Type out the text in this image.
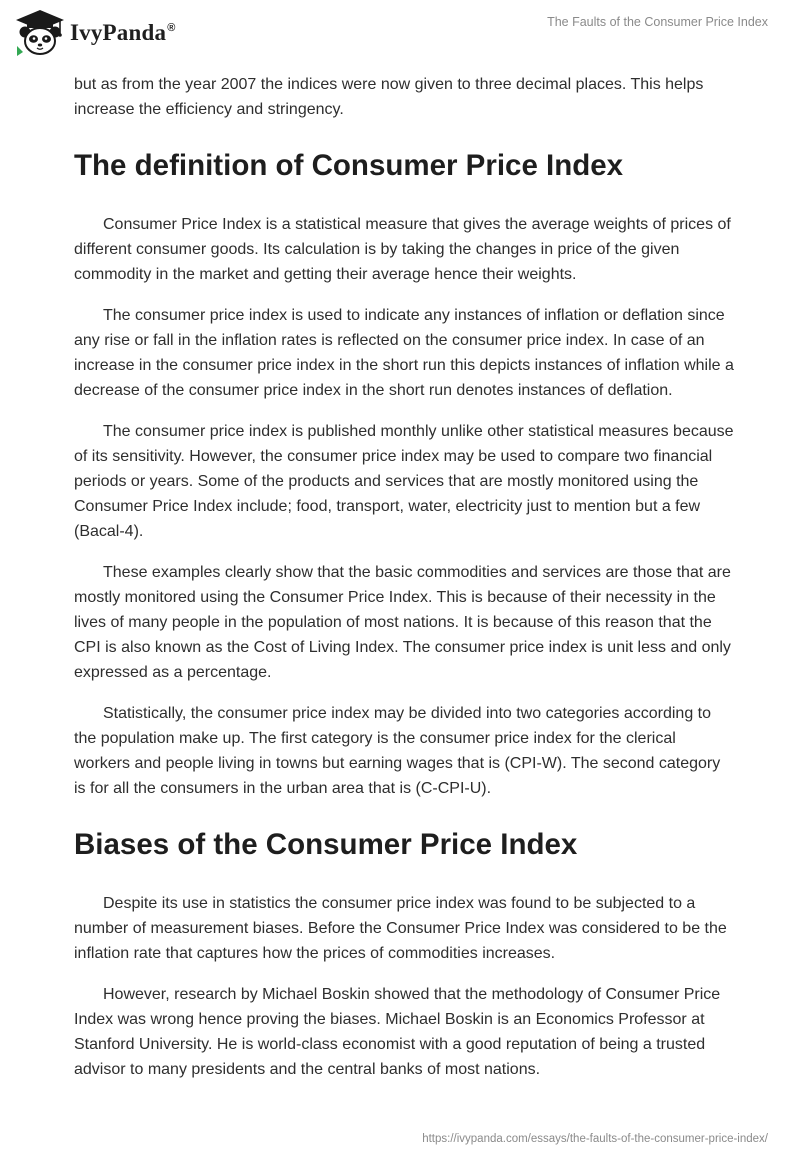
IvyPanda®	The Faults of the Consumer Price Index

but as from the year 2007 the indices were now given to three decimal places. This helps increase the efficiency and stringency.

The definition of Consumer Price Index

Consumer Price Index is a statistical measure that gives the average weights of prices of different consumer goods. Its calculation is by taking the changes in price of the given commodity in the market and getting their average hence their weights.

The consumer price index is used to indicate any instances of inflation or deflation since any rise or fall in the inflation rates is reflected on the consumer price index. In case of an increase in the consumer price index in the short run this depicts instances of inflation while a decrease of the consumer price index in the short run denotes instances of deflation.

The consumer price index is published monthly unlike other statistical measures because of its sensitivity. However, the consumer price index may be used to compare two financial periods or years. Some of the products and services that are mostly monitored using the Consumer Price Index include; food, transport, water, electricity just to mention but a few (Bacal-4).

These examples clearly show that the basic commodities and services are those that are mostly monitored using the Consumer Price Index. This is because of their necessity in the lives of many people in the population of most nations. It is because of this reason that the CPI is also known as the Cost of Living Index. The consumer price index is unit less and only expressed as a percentage.

Statistically, the consumer price index may be divided into two categories according to the population make up. The first category is the consumer price index for the clerical workers and people living in towns but earning wages that is (CPI-W). The second category is for all the consumers in the urban area that is (C-CPI-U).

Biases of the Consumer Price Index

Despite its use in statistics the consumer price index was found to be subjected to a number of measurement biases. Before the Consumer Price Index was considered to be the inflation rate that captures how the prices of commodities increases.

However, research by Michael Boskin showed that the methodology of Consumer Price Index was wrong hence proving the biases. Michael Boskin is an Economics Professor at Stanford University. He is world-class economist with a good reputation of being a trusted advisor to many presidents and the central banks of most nations.

https://ivypanda.com/essays/the-faults-of-the-consumer-price-index/
